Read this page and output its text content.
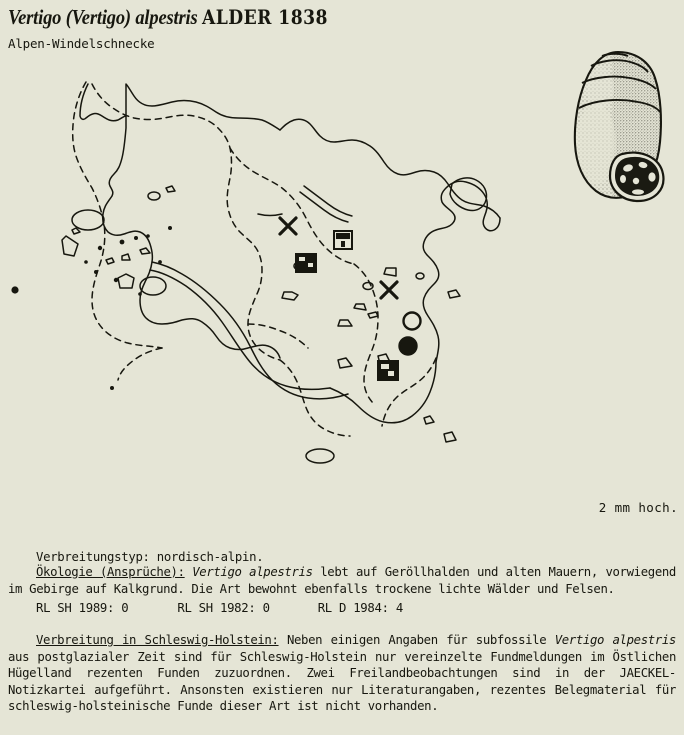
Vertigo (Vertigo) alpestris ALDER 1838
Alpen-Windelschnecke
2 mm hoch.

Verbreitungstyp: nordisch-alpin.

RL SH 1989: 0	RL SH 1982: 0	RL D 1984: 4

Ökologie (Ansprüche): Vertigo alpestris lebt auf Geröllhalden und alten Mauern, vorwiegend im Gebirge auf Kalkgrund. Die Art bewohnt ebenfalls trockene lichte Wälder und Felsen.
Verbreitung in Schleswig-Holstein: Neben einigen Angaben für subfossile Vertigo alpestris aus postglazialer Zeit sind für Schleswig-Holstein nur vereinzelte Fundmeldungen im Östlichen Hügelland rezenten Funden zuzuordnen. Zwei Freilandbeobachtungen sind in der JAECKEL-Notizkartei aufgeführt. Ansonsten existieren nur Literaturangaben, rezentes Belegmaterial für schleswig-holsteinische Funde dieser Art ist nicht vorhanden.
